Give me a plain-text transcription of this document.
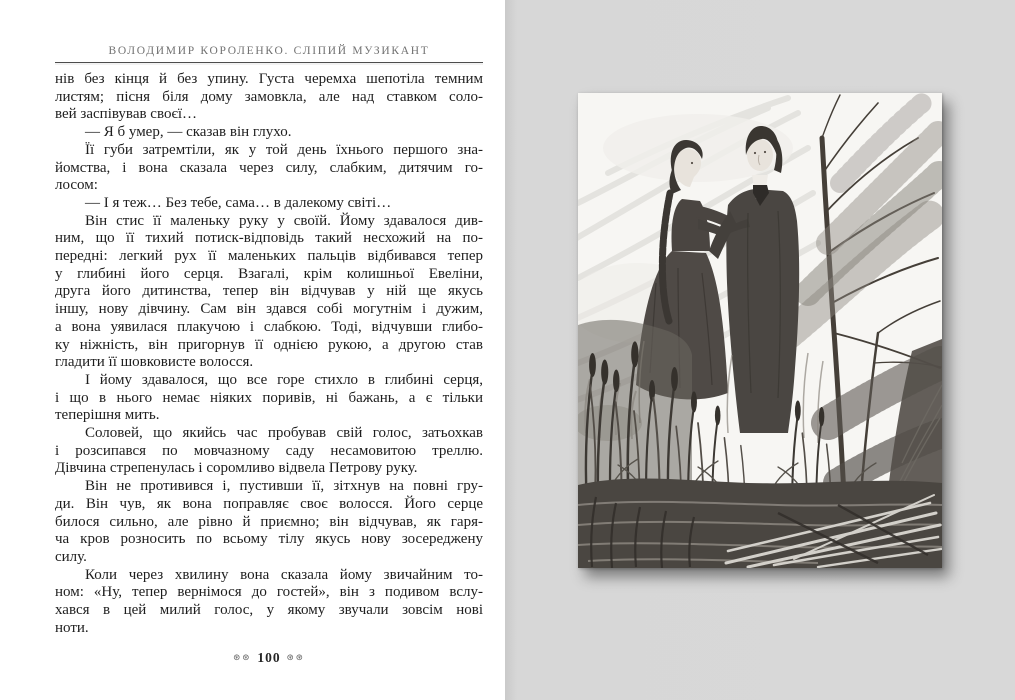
ВОЛОДИМИР КОРОЛЕНКО. СЛІПИЙ МУЗИКАНТ
нів без кінця й без упину. Густа черемха шепотіла темним
листям; пісня біля дому замовкла, але над ставком соло-
вей заспівував своєї…
— Я б умер, — сказав він глухо.
Її губи затремтіли, як у той день їхнього першого зна-
йомства, і вона сказала через силу, слабким, дитячим го-
лосом:
— І я теж… Без тебе, сама… в далекому світі…
Він стис її маленьку руку у своїй. Йому здавалося див-
ним, що її тихий потиск-відповідь такий несхожий на по-
передні: легкий рух її маленьких пальців відбивався тепер
у глибині його серця. Взагалі, крім колишньої Евеліни,
друга його дитинства, тепер він відчував у ній ще якусь
іншу, нову дівчину. Сам він здався собі могутнім і дужим,
а вона уявилася плакучою і слабкою. Тоді, відчувши глибо-
ку ніжність, він пригорнув її однією рукою, а другою став
гладити її шовковисте волосся.
І йому здавалося, що все горе стихло в глибині серця,
і що в нього немає ніяких поривів, ні бажань, а є тільки
теперішня мить.
Соловей, що якийсь час пробував свій голос, затьохкав
і розсипався по мовчазному саду несамовитою треллю.
Дівчина стрепенулась і соромливо відвела Петрову руку.
Він не противився і, пустивши її, зітхнув на повні гру-
ди. Він чув, як вона поправляє своє волосся. Його серце
билося сильно, але рівно й приємно; він відчував, як гаря-
ча кров розносить по всьому тілу якусь нову зосереджену
силу.
Коли через хвилину вона сказала йому звичайним то-
ном: «Ну, тепер вернімося до гостей», він з подивом вслу-
хався в цей милий голос, у якому звучали зовсім нові
ноти.
⊛⊛ 100 ⊛⊛
